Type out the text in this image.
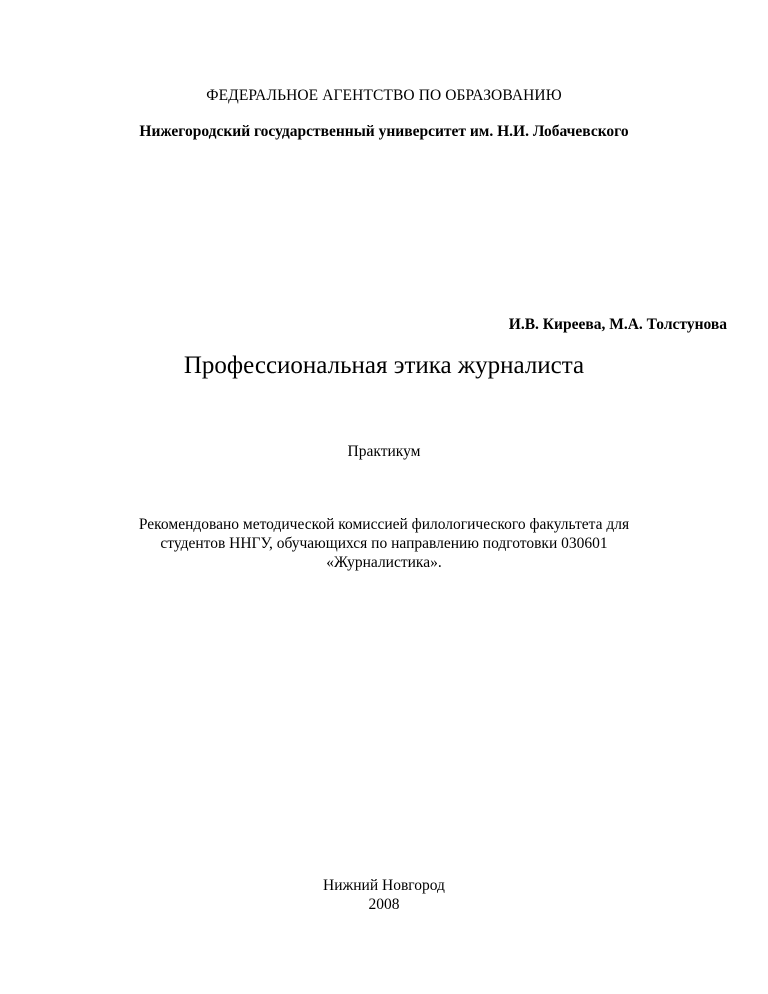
ФЕДЕРАЛЬНОЕ АГЕНТСТВО ПО ОБРАЗОВАНИЮ
Нижегородский государственный университет им. Н.И. Лобачевского
И.В. Киреева, М.А. Толстунова
Профессиональная этика журналиста
Практикум
Рекомендовано методической комиссией филологического факультета для
студентов ННГУ, обучающихся по направлению подготовки 030601
«Журналистика».
Нижний Новгород
2008
